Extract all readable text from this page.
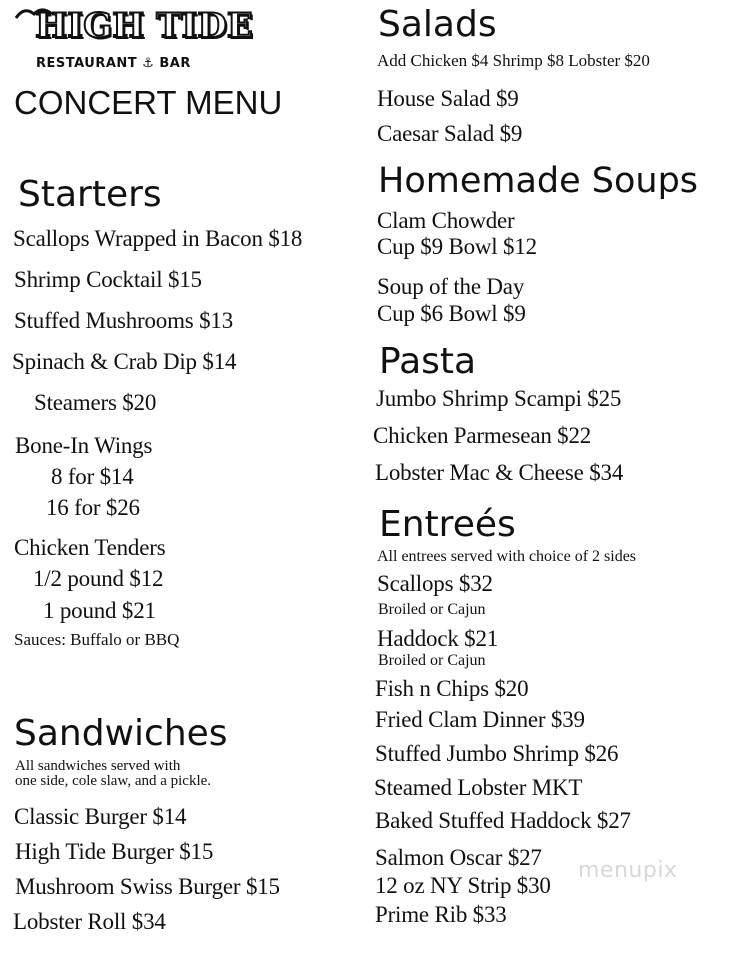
HIGH TIDE
RESTAURANT ⚓ BAR
CONCERT MENU
Starters
Scallops Wrapped in Bacon $18
Shrimp Cocktail $15
Stuffed Mushrooms $13
Spinach & Crab Dip $14
Steamers $20
Bone-In Wings
8 for $14
16 for $26
Chicken Tenders
1/2 pound $12
1 pound $21
Sauces: Buffalo or BBQ
Sandwiches
All sandwiches served with
one side, cole slaw, and a pickle.
Classic Burger $14
High Tide Burger $15
Mushroom Swiss Burger $15
Lobster Roll $34
Salads
Add Chicken $4 Shrimp $8 Lobster $20
House Salad $9
Caesar Salad $9
Homemade Soups
Clam Chowder
Cup $9 Bowl $12
Soup of the Day
Cup $6 Bowl $9
Pasta
Jumbo Shrimp Scampi $25
Chicken Parmesean $22
Lobster Mac & Cheese $34
Entreés
All entrees served with choice of 2 sides
Scallops $32
Broiled or Cajun
Haddock $21
Broiled or Cajun
Fish n Chips $20
Fried Clam Dinner $39
Stuffed Jumbo Shrimp $26
Steamed Lobster MKT
Baked Stuffed Haddock $27
Salmon Oscar $27
12 oz NY Strip $30
Prime Rib $33
menupix
